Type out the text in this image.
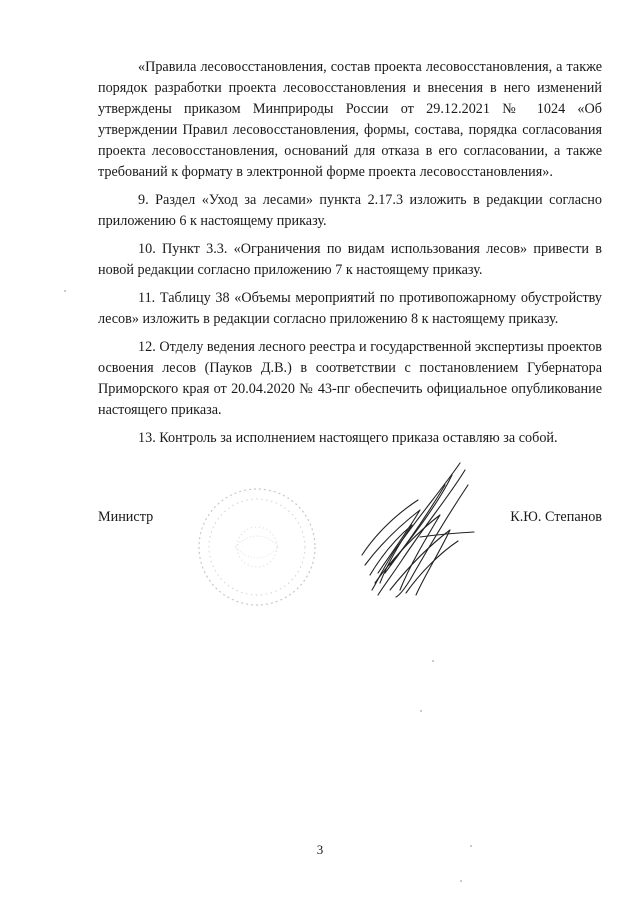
«Правила лесовосстановления, состав проекта лесовосстановления, а также порядок разработки проекта лесовосстановления и внесения в него изменений утверждены приказом Минприроды России от 29.12.2021 № 1024 «Об утверждении Правил лесовосстановления, формы, состава, порядка согласования проекта лесовосстановления, оснований для отказа в его согласовании, а также требований к формату в электронной форме проекта лесовосстановления».

9. Раздел «Уход за лесами» пункта 2.17.3 изложить в редакции согласно приложению 6 к настоящему приказу.

10. Пункт 3.3. «Ограничения по видам использования лесов» привести в новой редакции согласно приложению 7 к настоящему приказу.

11. Таблицу 38 «Объемы мероприятий по противопожарному обустройству лесов» изложить в редакции согласно приложению 8 к настоящему приказу.

12. Отделу ведения лесного реестра и государственной экспертизы проектов освоения лесов (Пауков Д.В.) в соответствии с постановлением Губернатора Приморского края от 20.04.2020 № 43-пг обеспечить официальное опубликование настоящего приказа.

13. Контроль за исполнением настоящего приказа оставляю за собой.

Министр	К.Ю. Степанов
3
